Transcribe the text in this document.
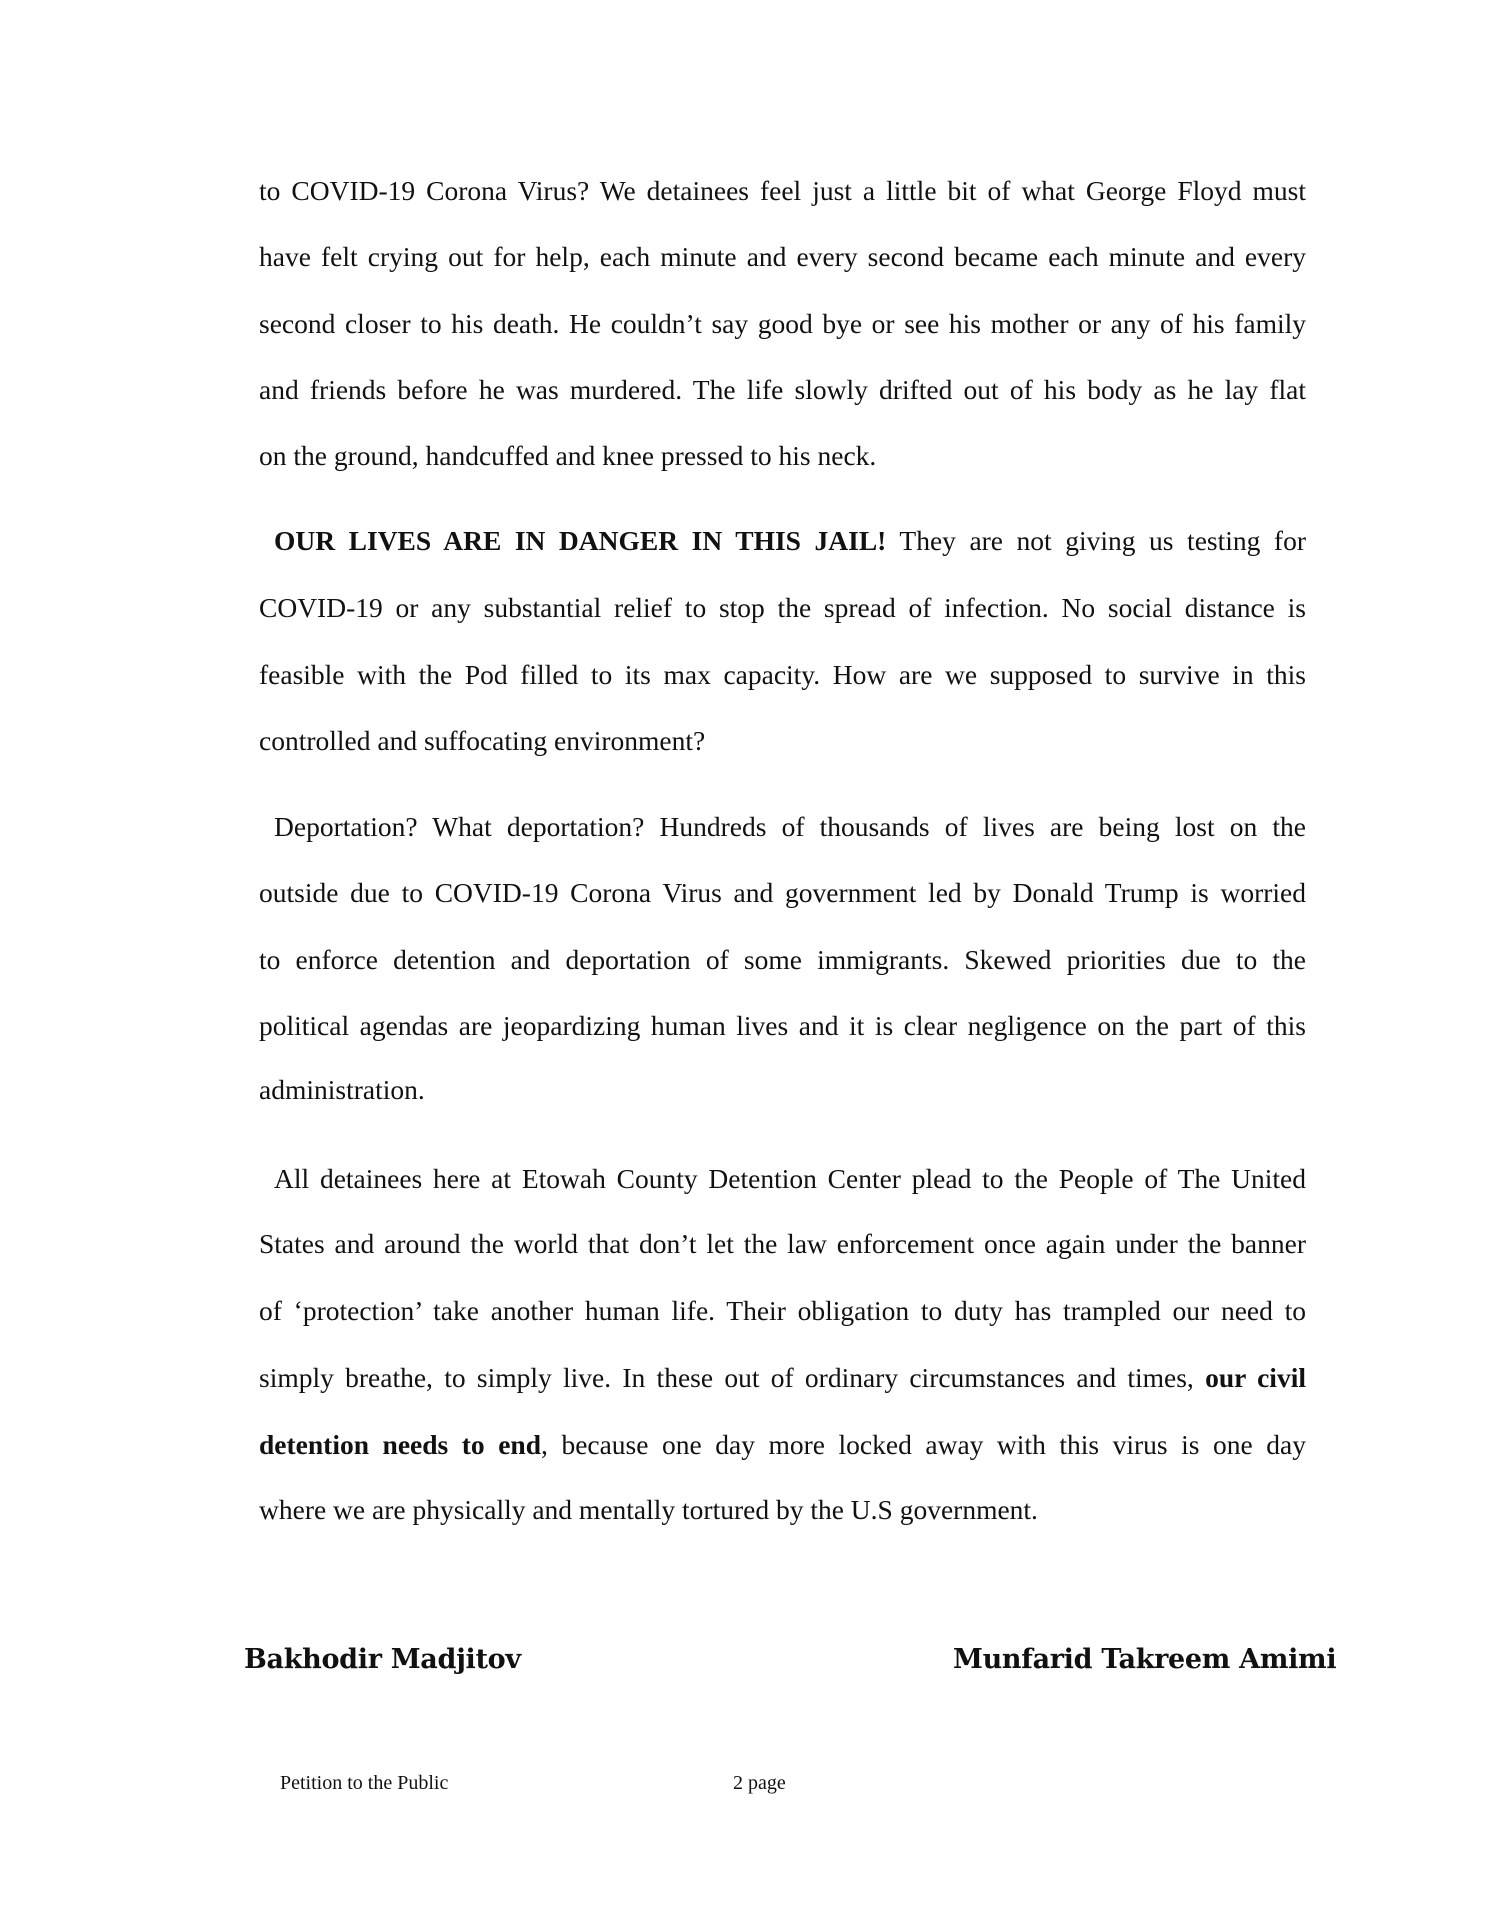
to COVID-19 Corona Virus? We detainees feel just a little bit of what George Floyd must
have felt crying out for help, each minute and every second became each minute and every
second closer to his death. He couldn’t say good bye or see his mother or any of his family
and friends before he was murdered. The life slowly drifted out of his body as he lay flat
on the ground, handcuffed and knee pressed to his neck.
OUR LIVES ARE IN DANGER IN THIS JAIL! They are not giving us testing for
COVID-19 or any substantial relief to stop the spread of infection. No social distance is
feasible with the Pod filled to its max capacity. How are we supposed to survive in this
controlled and suffocating environment?
Deportation? What deportation? Hundreds of thousands of lives are being lost on the
outside due to COVID-19 Corona Virus and government led by Donald Trump is worried
to enforce detention and deportation of some immigrants. Skewed priorities due to the
political agendas are jeopardizing human lives and it is clear negligence on the part of this
administration.
All detainees here at Etowah County Detention Center plead to the People of The United
States and around the world that don’t let the law enforcement once again under the banner
of ‘protection’ take another human life. Their obligation to duty has trampled our need to
simply breathe, to simply live. In these out of ordinary circumstances and times, our civil
detention needs to end, because one day more locked away with this virus is one day
where we are physically and mentally tortured by the U.S government.
Bakhodir Madjitov	Munfarid Takreem Amimi
Petition to the Public	2 page
